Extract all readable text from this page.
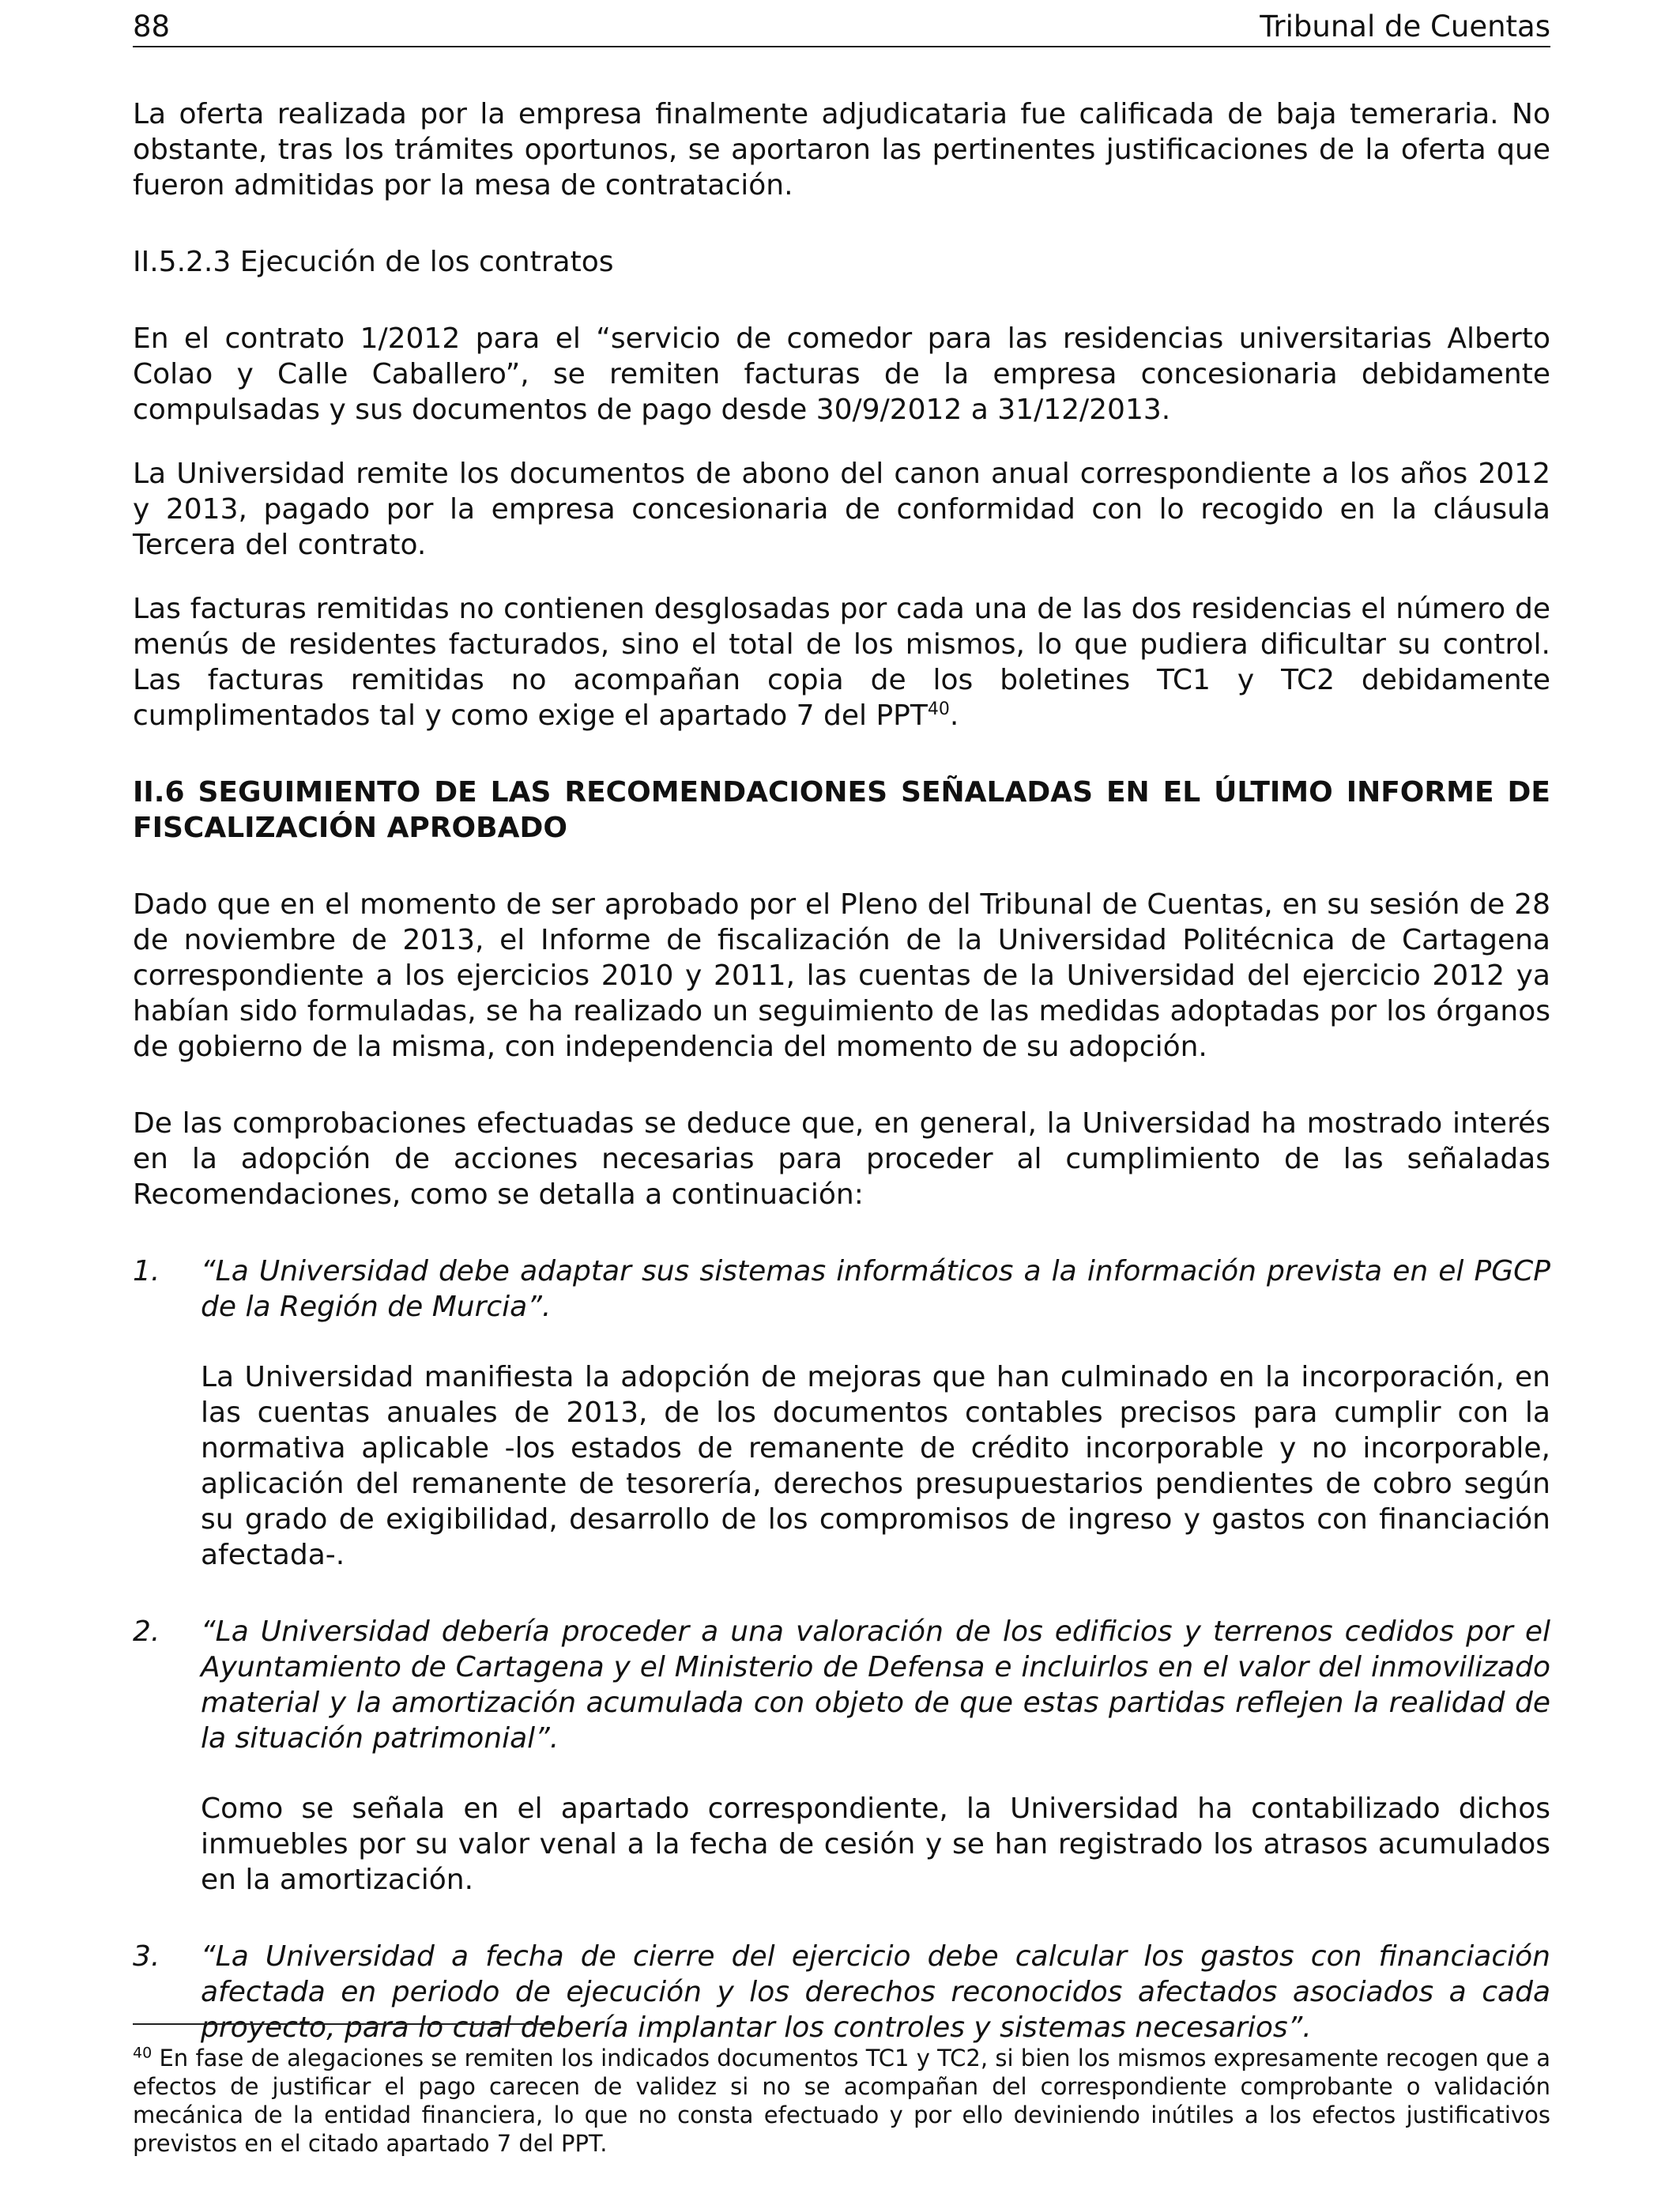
88	Tribunal de Cuentas

La oferta realizada por la empresa finalmente adjudicataria fue calificada de baja temeraria. No obstante, tras los trámites oportunos, se aportaron las pertinentes justificaciones de la oferta que fueron admitidas por la mesa de contratación.

II.5.2.3 Ejecución de los contratos

En el contrato 1/2012 para el “servicio de comedor para las residencias universitarias Alberto Colao y Calle Caballero”, se remiten facturas de la empresa concesionaria debidamente compulsadas y sus documentos de pago desde 30/9/2012 a 31/12/2013.

La Universidad remite los documentos de abono del canon anual correspondiente a los años 2012 y 2013, pagado por la empresa concesionaria de conformidad con lo recogido en la cláusula Tercera del contrato.

Las facturas remitidas no contienen desglosadas por cada una de las dos residencias el número de menús de residentes facturados, sino el total de los mismos, lo que pudiera dificultar su control. Las facturas remitidas no acompañan copia de los boletines TC1 y TC2 debidamente cumplimentados tal y como exige el apartado 7 del PPT$^{40}$.

II.6 SEGUIMIENTO DE LAS RECOMENDACIONES SEÑALADAS EN EL ÚLTIMO INFORME DE FISCALIZACIÓN APROBADO

Dado que en el momento de ser aprobado por el Pleno del Tribunal de Cuentas, en su sesión de 28 de noviembre de 2013, el Informe de fiscalización de la Universidad Politécnica de Cartagena correspondiente a los ejercicios 2010 y 2011, las cuentas de la Universidad del ejercicio 2012 ya habían sido formuladas, se ha realizado un seguimiento de las medidas adoptadas por los órganos de gobierno de la misma, con independencia del momento de su adopción.

De las comprobaciones efectuadas se deduce que, en general, la Universidad ha mostrado interés en la adopción de acciones necesarias para proceder al cumplimiento de las señaladas Recomendaciones, como se detalla a continuación:

1.	“La Universidad debe adaptar sus sistemas informáticos a la información prevista en el PGCP de la Región de Murcia”.

La Universidad manifiesta la adopción de mejoras que han culminado en la incorporación, en las cuentas anuales de 2013, de los documentos contables precisos para cumplir con la normativa aplicable -los estados de remanente de crédito incorporable y no incorporable, aplicación del remanente de tesorería, derechos presupuestarios pendientes de cobro según su grado de exigibilidad, desarrollo de los compromisos de ingreso y gastos con financiación afectada-.

2.	“La Universidad debería proceder a una valoración de los edificios y terrenos cedidos por el Ayuntamiento de Cartagena y el Ministerio de Defensa e incluirlos en el valor del inmovilizado material y la amortización acumulada con objeto de que estas partidas reflejen la realidad de la situación patrimonial”.

Como se señala en el apartado correspondiente, la Universidad ha contabilizado dichos inmuebles por su valor venal a la fecha de cesión y se han registrado los atrasos acumulados en la amortización.

3.	“La Universidad a fecha de cierre del ejercicio debe calcular los gastos con financiación afectada en periodo de ejecución y los derechos reconocidos afectados asociados a cada proyecto, para lo cual debería implantar los controles y sistemas necesarios”.

$^{40}$ En fase de alegaciones se remiten los indicados documentos TC1 y TC2, si bien los mismos expresamente recogen que a efectos de justificar el pago carecen de validez si no se acompañan del correspondiente comprobante o validación mecánica de la entidad financiera, lo que no consta efectuado y por ello deviniendo inútiles a los efectos justificativos previstos en el citado apartado 7 del PPT.
